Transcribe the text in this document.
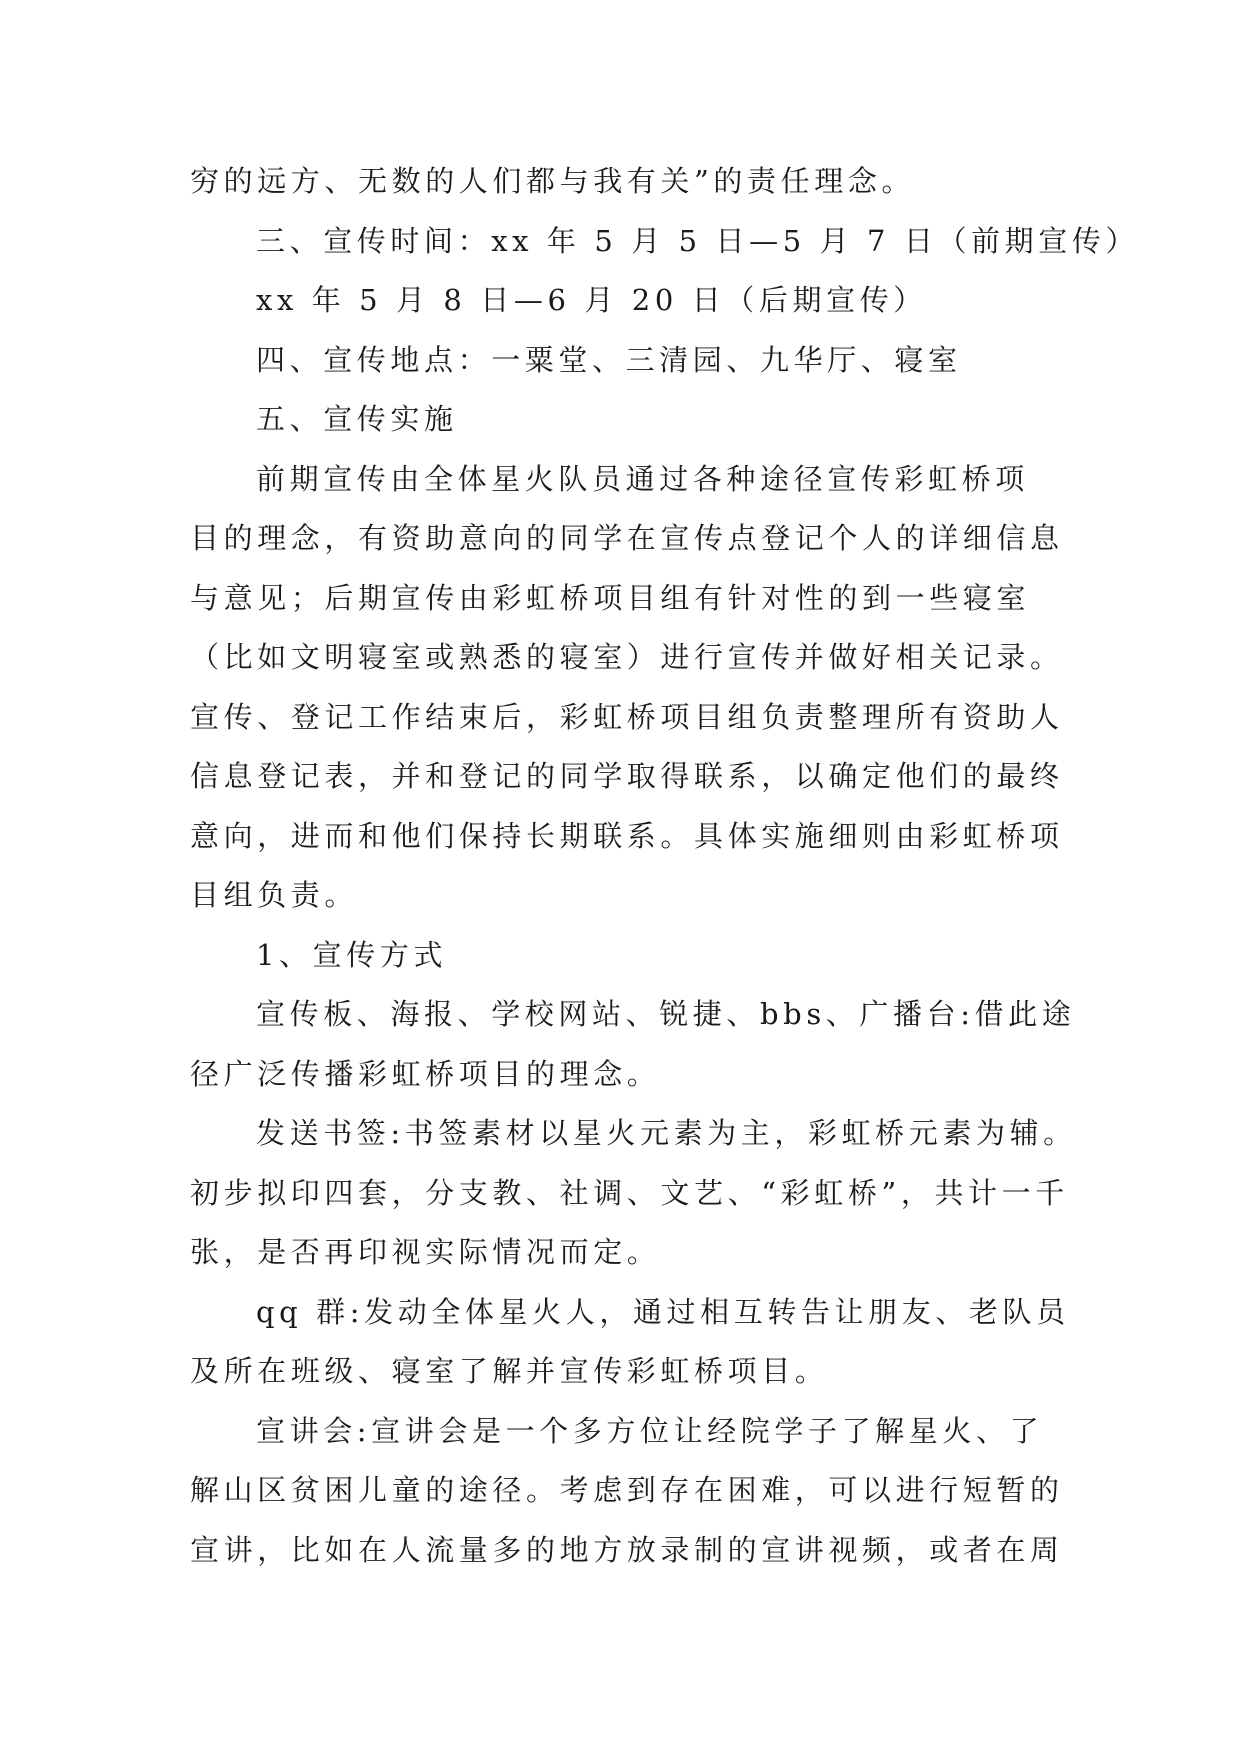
穷的远方、无数的人们都与我有关”的责任理念。
三、宣传时间：xx 年 5 月 5 日—5 月 7 日（前期宣传）
xx 年 5 月 8 日—6 月 20 日（后期宣传）
四、宣传地点：一粟堂、三清园、九华厅、寝室
五、宣传实施
前期宣传由全体星火队员通过各种途径宣传彩虹桥项
目的理念，有资助意向的同学在宣传点登记个人的详细信息
与意见；后期宣传由彩虹桥项目组有针对性的到一些寝室
（比如文明寝室或熟悉的寝室）进行宣传并做好相关记录。
宣传、登记工作结束后，彩虹桥项目组负责整理所有资助人
信息登记表，并和登记的同学取得联系，以确定他们的最终
意向，进而和他们保持长期联系。具体实施细则由彩虹桥项
目组负责。
1、宣传方式
宣传板、海报、学校网站、锐捷、bbs、广播台:借此途
径广泛传播彩虹桥项目的理念。
发送书签:书签素材以星火元素为主，彩虹桥元素为辅。
初步拟印四套，分支教、社调、文艺、“彩虹桥”，共计一千
张，是否再印视实际情况而定。
qq 群:发动全体星火人，通过相互转告让朋友、老队员
及所在班级、寝室了解并宣传彩虹桥项目。
宣讲会:宣讲会是一个多方位让经院学子了解星火、了
解山区贫困儿童的途径。考虑到存在困难，可以进行短暂的
宣讲，比如在人流量多的地方放录制的宣讲视频，或者在周
